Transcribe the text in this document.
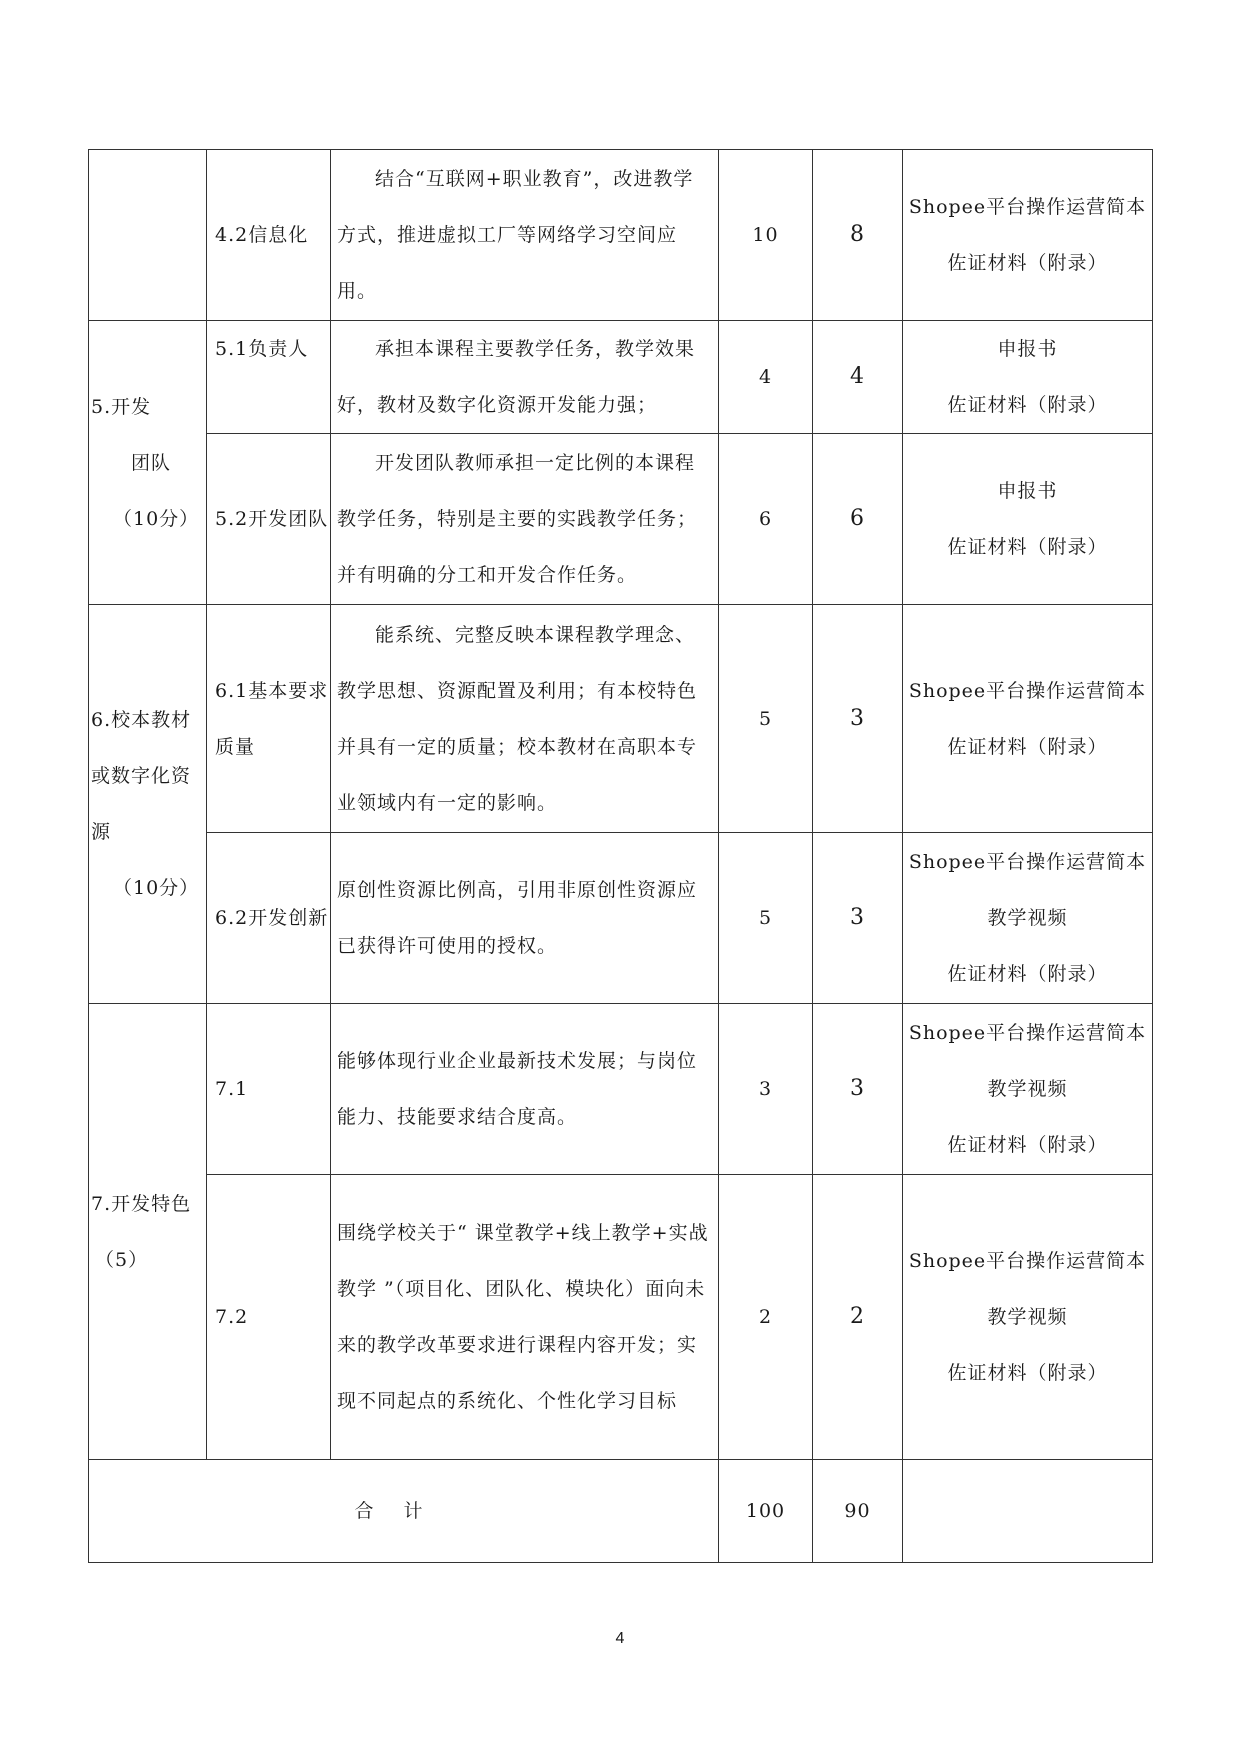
	4.2信息化	结合“互联网+职业教育”，改进教学方式，推进虚拟工厂等网络学习空间应用。	10	8	Shopee平台操作运营简本
佐证材料（附录）

5.开发
团队
（10分）	5.1负责人	承担本课程主要教学任务，教学效果好，教材及数字化资源开发能力强；	4	4	申报书
佐证材料（附录）

	5.2开发团队	开发团队教师承担一定比例的本课程教学任务，特别是主要的实践教学任务；并有明确的分工和开发合作任务。	6	6	申报书
佐证材料（附录）

6.校本教材或数字化资源
（10分）	6.1基本要求质量	能系统、完整反映本课程教学理念、教学思想、资源配置及利用；有本校特色并具有一定的质量；校本教材在高职本专业领域内有一定的影响。	5	3	Shopee平台操作运营简本
佐证材料（附录）

	6.2开发创新	原创性资源比例高，引用非原创性资源应已获得许可使用的授权。	5	3	Shopee平台操作运营简本
教学视频
佐证材料（附录）

7.开发特色
（5）	7.1	能够体现行业企业最新技术发展；与岗位能力、技能要求结合度高。	3	3	Shopee平台操作运营简本
教学视频
佐证材料（附录）

	7.2	围绕学校关于“ 课堂教学+线上教学+实战教学 ”（项目化、团队化、模块化）面向未来的教学改革要求进行课程内容开发；实现不同起点的系统化、个性化学习目标	2	2	Shopee平台操作运营简本
教学视频
佐证材料（附录）

合计			100	90	
4
